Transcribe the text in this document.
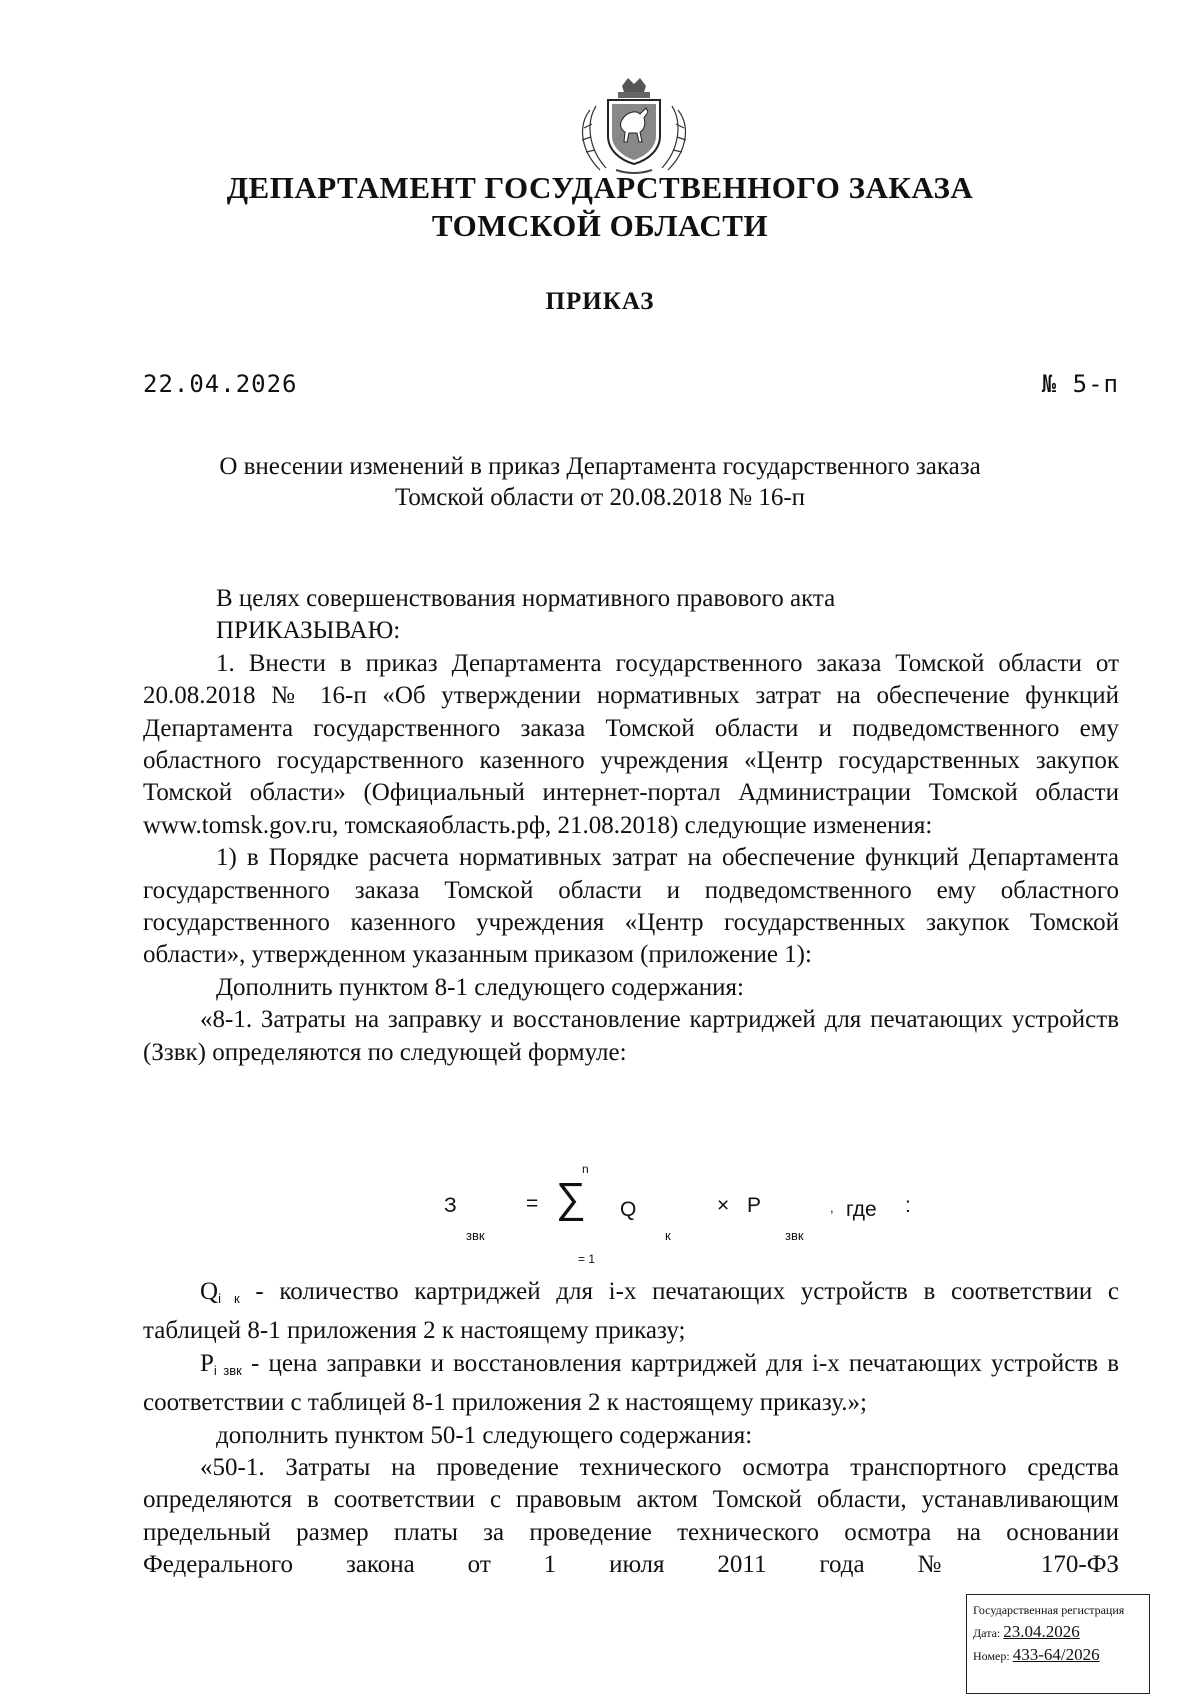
ДЕПАРТАМЕНТ ГОСУДАРСТВЕННОГО ЗАКАЗА
ТОМСКОЙ ОБЛАСТИ
ПРИКАЗ
22.04.2026	№ 5-п
О внесении изменений в приказ Департамента государственного заказа
Томской области от 20.08.2018 № 16-п

В целях совершенствования нормативного правового акта

ПРИКАЗЫВАЮ:

1. Внести в приказ Департамента государственного заказа Томской области от 20.08.2018 № 16-п «Об утверждении нормативных затрат на обеспечение функций Департамента государственного заказа Томской области и подведомственного ему областного государственного казенного учреждения «Центр государственных закупок Томской области» (Официальный интернет-портал Администрации Томской области www.tomsk.gov.ru, томскаяобласть.рф, 21.08.2018) следующие изменения:

1) в Порядке расчета нормативных затрат на обеспечение функций Департамента государственного заказа Томской области и подведомственного ему областного государственного казенного учреждения «Центр государственных закупок Томской области», утвержденном указанным приказом (приложение 1):

Дополнить пунктом 8-1 следующего содержания:

«8-1. Затраты на заправку и восстановление картриджей для печатающих устройств (Ззвк) определяются по следующей формуле:

З
звк
= ∑
n
= 1
Q
к
× P
звк
, где :

$Q_{i к}$ - количество картриджей для i-х печатающих устройств в соответствии с таблицей 8-1 приложения 2 к настоящему приказу;

$P_{i звк}$ - цена заправки и восстановления картриджей для i-х печатающих устройств в соответствии с таблицей 8-1 приложения 2 к настоящему приказу.»;

дополнить пунктом 50-1 следующего содержания:

«50-1. Затраты на проведение технического осмотра транспортного средства определяются в соответствии с правовым актом Томской области, устанавливающим предельный размер платы за проведение технического осмотра на основании Федерального закона от 1 июля 2011 года № 170-ФЗ

Государственная регистрация
Дата: 23.04.2026
Номер: 433-64/2026
